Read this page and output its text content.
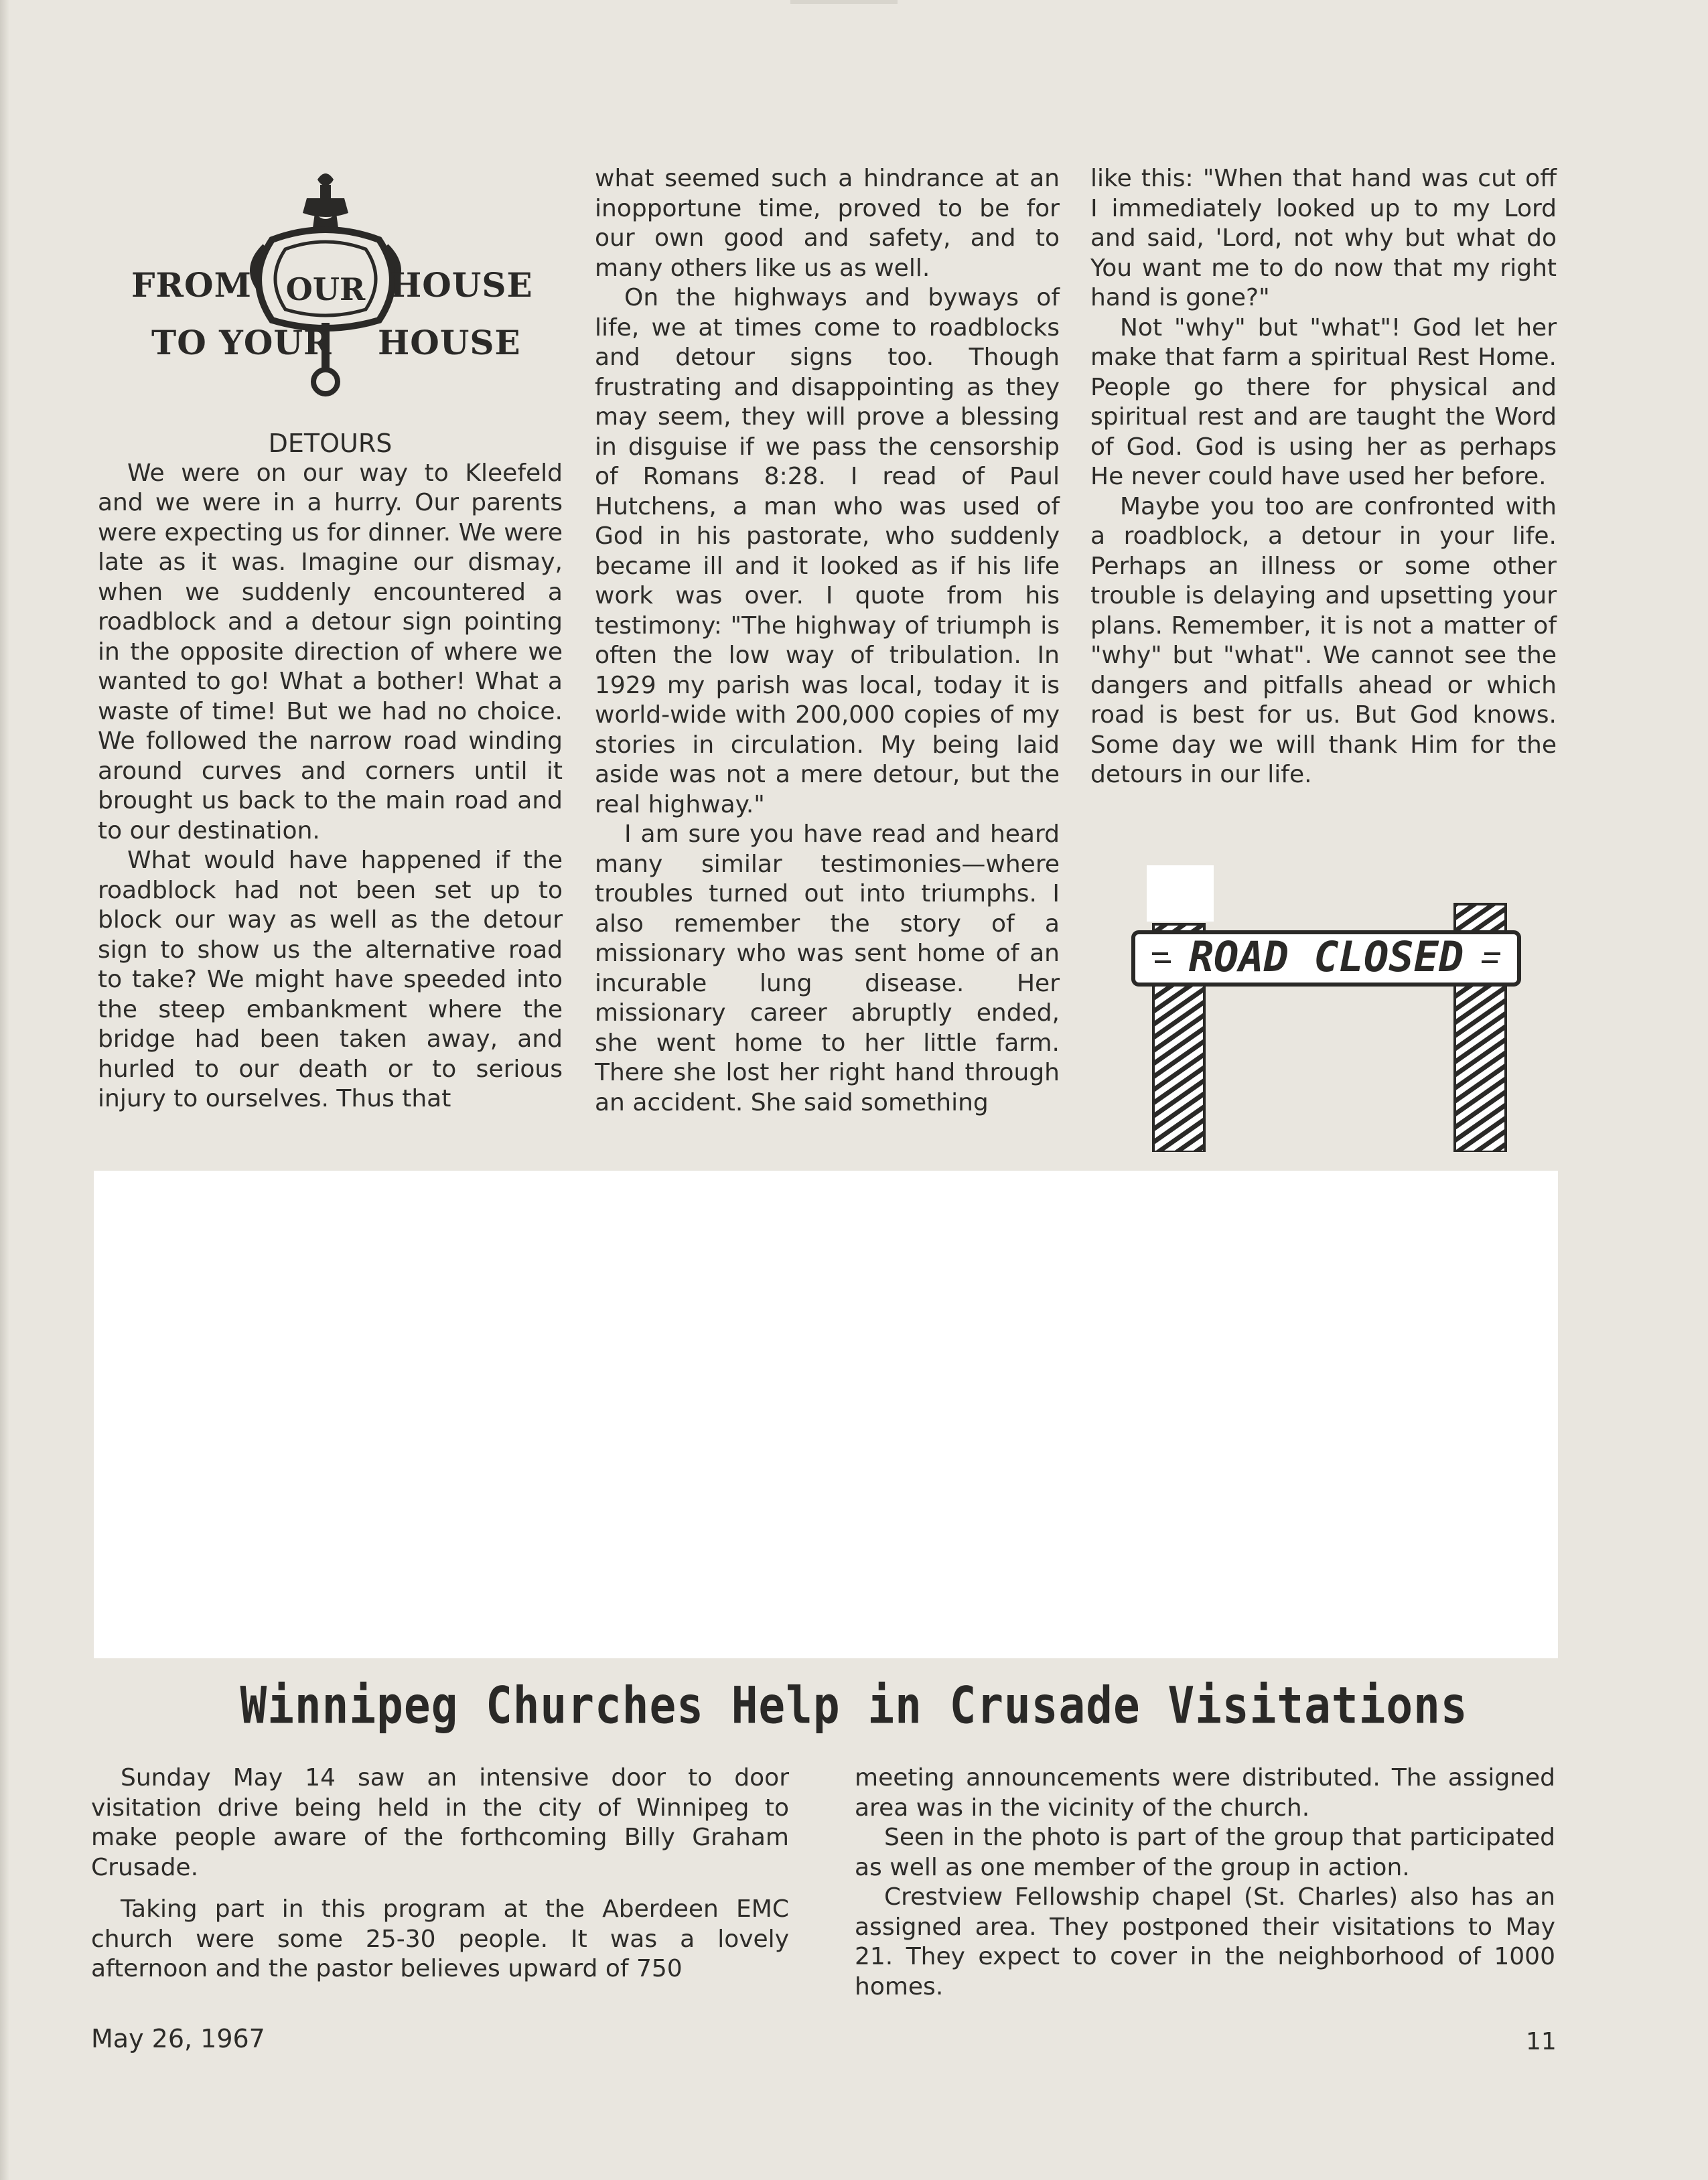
OUR
FROM	HOUSE
TO YOUR HOUSE

DETOURS

We were on our way to Kleefeld and we were in a hurry. Our parents were expecting us for dinner. We were late as it was. Imagine our dismay, when we suddenly encountered a roadblock and a detour sign pointing in the opposite direction of where we wanted to go! What a bother! What a waste of time! But we had no choice. We followed the narrow road winding around curves and corners until it brought us back to the main road and to our destination.

What would have happened if the roadblock had not been set up to block our way as well as the detour sign to show us the alternative road to take? We might have speeded into the steep embankment where the bridge had been taken away, and hurled to our death or to serious injury to ourselves. Thus that

what seemed such a hindrance at an inopportune time, proved to be for our own good and safety, and to many others like us as well.

On the highways and byways of life, we at times come to roadblocks and detour signs too. Though frustrating and disappointing as they may seem, they will prove a blessing in disguise if we pass the censorship of Romans 8:28. I read of Paul Hutchens, a man who was used of God in his pastorate, who suddenly became ill and it looked as if his life work was over. I quote from his testimony: "The highway of triumph is often the low way of tribulation. In 1929 my parish was local, today it is world-wide with 200,000 copies of my stories in circulation. My being laid aside was not a mere detour, but the real highway."

I am sure you have read and heard many similar testimonies—where troubles turned out into triumphs. I also remember the story of a missionary who was sent home of an incurable lung disease. Her missionary career abruptly ended, she went home to her little farm. There she lost her right hand through an accident. She said something

like this: "When that hand was cut off I immediately looked up to my Lord and said, 'Lord, not why but what do You want me to do now that my right hand is gone?"

Not "why" but "what"! God let her make that farm a spiritual Rest Home. People go there for physical and spiritual rest and are taught the Word of God. God is using her as perhaps He never could have used her before.

Maybe you too are confronted with a roadblock, a detour in your life. Perhaps an illness or some other trouble is delaying and upsetting your plans. Remember, it is not a matter of "why" but "what". We cannot see the dangers and pitfalls ahead or which road is best for us. But God knows. Some day we will thank Him for the detours in our life.

ROAD CLOSED
Winnipeg Churches Help in Crusade Visitations

Sunday May 14 saw an intensive door to door visitation drive being held in the city of Winnipeg to make people aware of the forthcoming Billy Graham Crusade.

Taking part in this program at the Aberdeen EMC church were some 25-30 people. It was a lovely afternoon and the pastor believes upward of 750

meeting announcements were distributed. The assigned area was in the vicinity of the church.

Seen in the photo is part of the group that participated as well as one member of the group in action.

Crestview Fellowship chapel (St. Charles) also has an assigned area. They postponed their visitations to May 21. They expect to cover in the neighborhood of 1000 homes.

May 26, 1967	11
